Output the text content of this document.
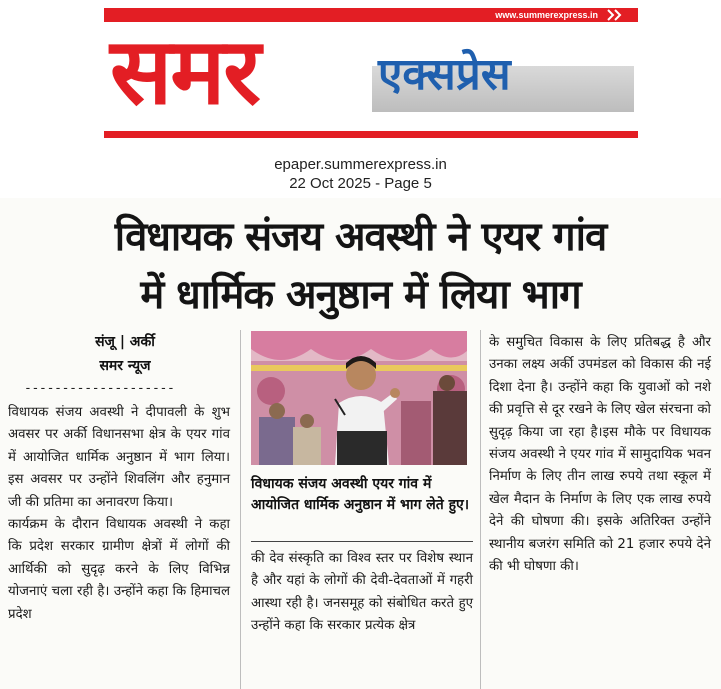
www.summerexpress.in
समर	एक्सप्रेस
epaper.summerexpress.in
22 Oct 2025 - Page 5
विधायक संजय अवस्थी ने एयर गांव
में धार्मिक अनुष्ठान में लिया भाग
संजू | अर्की
समर न्यूज
--------------------

विधायक संजय अवस्थी ने दीपावली के शुभ अवसर पर अर्की विधानसभा क्षेत्र के एयर गांव में आयोजित धार्मिक अनुष्ठान में भाग लिया। इस अवसर पर उन्होंने शिवलिंग और हनुमान जी की प्रतिमा का अनावरण किया।

कार्यक्रम के दौरान विधायक अवस्थी ने कहा कि प्रदेश सरकार ग्रामीण क्षेत्रों में लोगों की आर्थिकी को सुदृढ़ करने के लिए विभिन्न योजनाएं चला रही है। उन्होंने कहा कि हिमाचल प्रदेश

विधायक संजय अवस्थी एयर गांव में आयोजित धार्मिक अनुष्ठान में भाग लेते हुए।

की देव संस्कृति का विश्व स्तर पर विशेष स्थान है और यहां के लोगों की देवी-देवताओं में गहरी आस्था रही है। जनसमूह को संबोधित करते हुए उन्होंने कहा कि सरकार प्रत्येक क्षेत्र

के समुचित विकास के लिए प्रतिबद्ध है और उनका लक्ष्य अर्की उपमंडल को विकास की नई दिशा देना है। उन्होंने कहा कि युवाओं को नशे की प्रवृत्ति से दूर रखने के लिए खेल संरचना को सुदृढ़ किया जा रहा है।इस मौके पर विधायक संजय अवस्थी ने एयर गांव में सामुदायिक भवन निर्माण के लिए तीन लाख रुपये तथा स्कूल में खेल मैदान के निर्माण के लिए एक लाख रुपये देने की घोषणा की। इसके अतिरिक्त उन्होंने स्थानीय बजरंग समिति को 21 हजार रुपये देने की भी घोषणा की।
